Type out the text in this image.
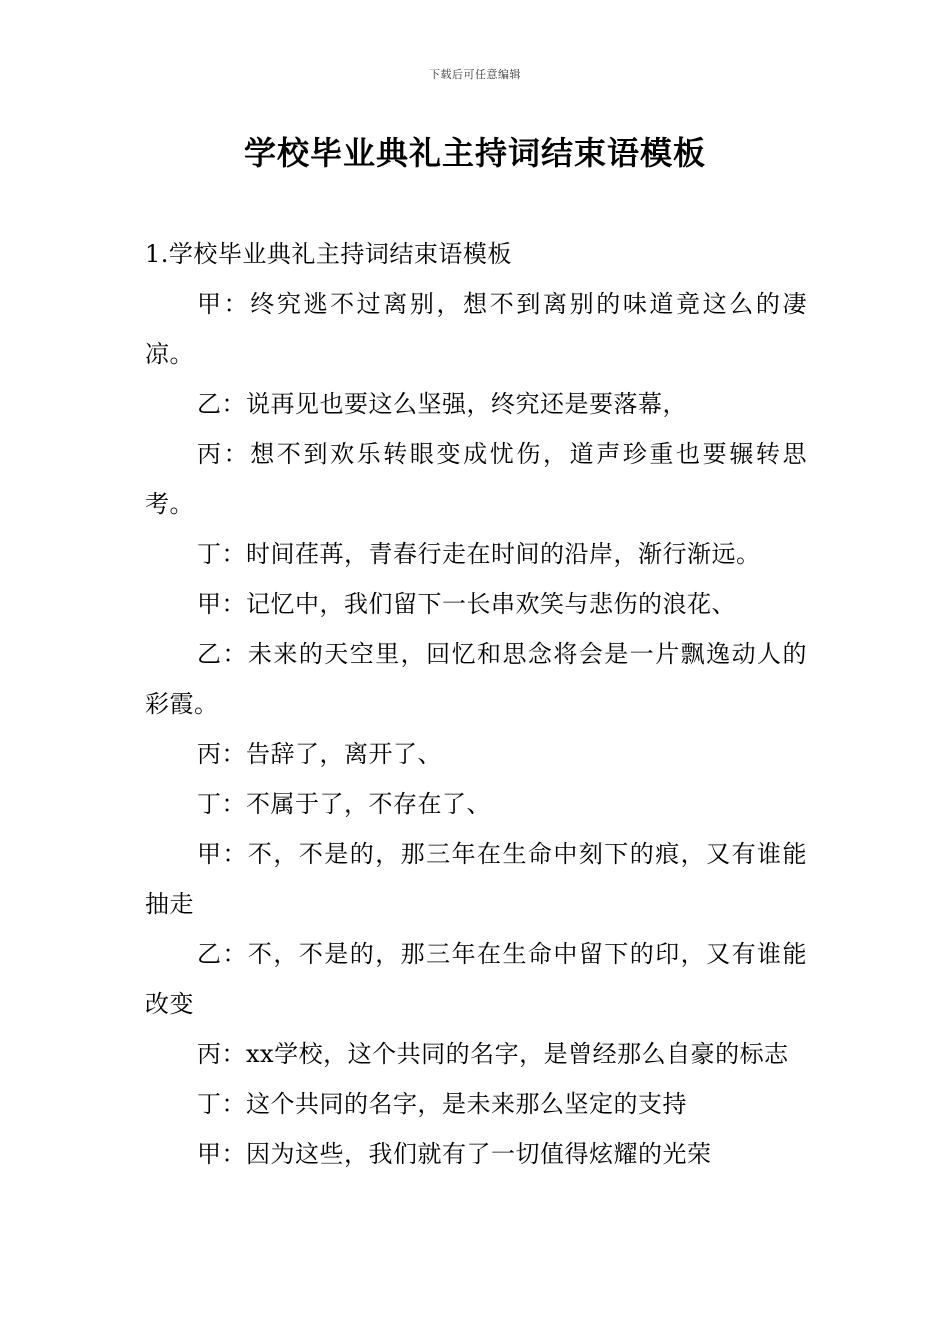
下载后可任意编辑
学校毕业典礼主持词结束语模板

1.学校毕业典礼主持词结束语模板

甲：终究逃不过离别，想不到离别的味道竟这么的凄凉。

乙：说再见也要这么坚强，终究还是要落幕，

丙：想不到欢乐转眼变成忧伤，道声珍重也要辗转思考。

丁：时间荏苒，青春行走在时间的沿岸，渐行渐远。

甲：记忆中，我们留下一长串欢笑与悲伤的浪花、

乙：未来的天空里，回忆和思念将会是一片飘逸动人的彩霞。

丙：告辞了，离开了、

丁：不属于了，不存在了、

甲：不，不是的，那三年在生命中刻下的痕，又有谁能抽走

乙：不，不是的，那三年在生命中留下的印，又有谁能改变

丙：xx学校，这个共同的名字，是曾经那么自豪的标志

丁：这个共同的名字，是未来那么坚定的支持

甲：因为这些，我们就有了一切值得炫耀的光荣
